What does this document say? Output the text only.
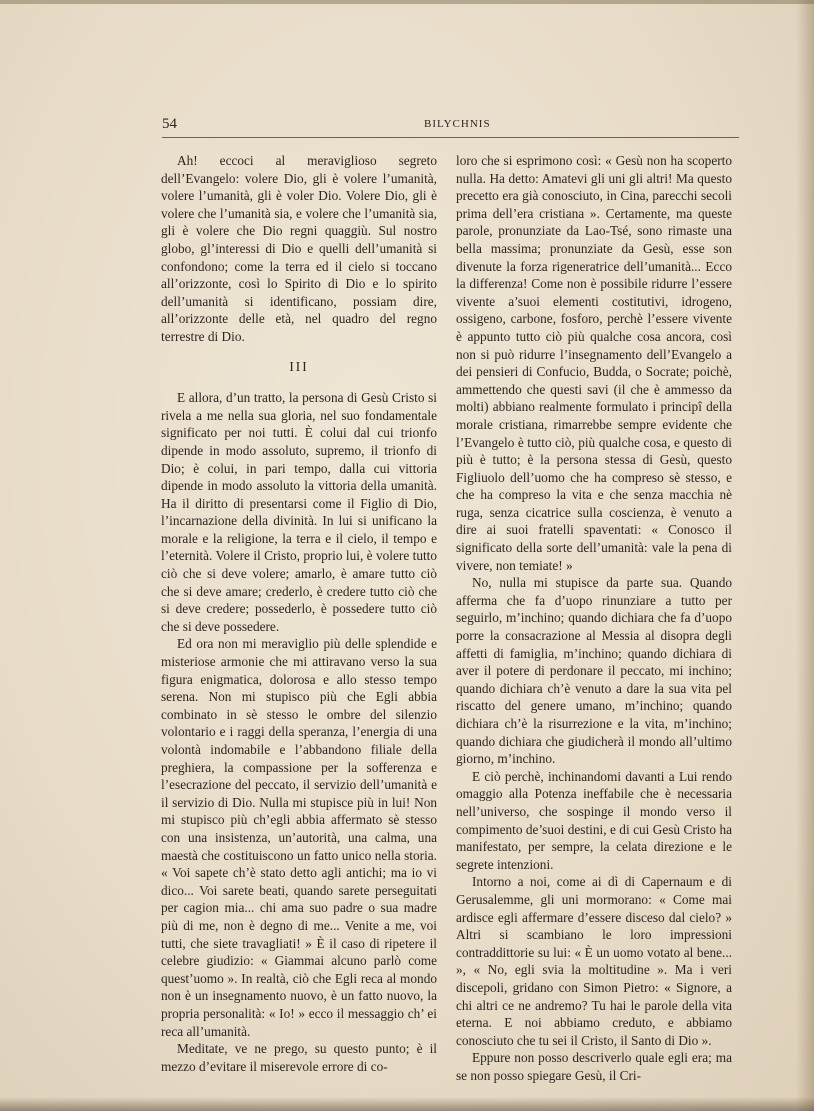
54	BILYCHNIS

Ah! eccoci al meraviglioso segreto dell’Evangelo: volere Dio, gli è volere l’umanità, volere l’umanità, gli è voler Dio. Volere Dio, gli è volere che l’umanità sia, e volere che l’umanità sia, gli è volere che Dio regni quaggiù. Sul nostro globo, gl’interessi di Dio e quelli dell’umanità si confondono; come la terra ed il cielo si toccano all’orizzonte, così lo Spirito di Dio e lo spirito dell’umanità si identificano, possiam dire, all’orizzonte delle età, nel quadro del regno terrestre di Dio.

III

E allora, d’un tratto, la persona di Gesù Cristo si rivela a me nella sua gloria, nel suo fondamentale significato per noi tutti. È colui dal cui trionfo dipende in modo assoluto, supremo, il trionfo di Dio; è colui, in pari tempo, dalla cui vittoria dipende in modo assoluto la vittoria della umanità. Ha il diritto di presentarsi come il Figlio di Dio, l’incarnazione della divinità. In lui si unificano la morale e la religione, la terra e il cielo, il tempo e l’eternità. Volere il Cristo, proprio lui, è volere tutto ciò che si deve volere; amarlo, è amare tutto ciò che si deve amare; crederlo, è credere tutto ciò che si deve credere; possederlo, è possedere tutto ciò che si deve possedere.

Ed ora non mi meraviglio più delle splendide e misteriose armonie che mi attiravano verso la sua figura enigmatica, dolorosa e allo stesso tempo serena. Non mi stupisco più che Egli abbia combinato in sè stesso le ombre del silenzio volontario e i raggi della speranza, l’energia di una volontà indomabile e l’abbandono filiale della preghiera, la compassione per la sofferenza e l’esecrazione del peccato, il servizio dell’umanità e il servizio di Dio. Nulla mi stupisce più in lui! Non mi stupisco più ch’egli abbia affermato sè stesso con una insistenza, un’autorità, una calma, una maestà che costituiscono un fatto unico nella storia. « Voi sapete ch’è stato detto agli antichi; ma io vi dico... Voi sarete beati, quando sarete perseguitati per cagion mia... chi ama suo padre o sua madre più di me, non è degno di me... Venite a me, voi tutti, che siete travagliati! » È il caso di ripetere il celebre giudizio: « Giammai alcuno parlò come quest’uomo ». In realtà, ciò che Egli reca al mondo non è un insegnamento nuovo, è un fatto nuovo, la propria personalità: « Io! » ecco il messaggio ch’ ei reca all’umanità.

Meditate, ve ne prego, su questo punto; è il mezzo d’evitare il miserevole errore di co-

loro che si esprimono così: « Gesù non ha scoperto nulla. Ha detto: Amatevi gli uni gli altri! Ma questo precetto era già conosciuto, in Cina, parecchi secoli prima dell’era cristiana ». Certamente, ma queste parole, pronunziate da Lao-Tsé, sono rimaste una bella massima; pronunziate da Gesù, esse son divenute la forza rigeneratrice dell’umanità... Ecco la differenza! Come non è possibile ridurre l’essere vivente a’suoi elementi costitutivi, idrogeno, ossigeno, carbone, fosforo, perchè l’essere vivente è appunto tutto ciò più qualche cosa ancora, così non si può ridurre l’insegnamento dell’Evangelo a dei pensieri di Confucio, Budda, o Socrate; poichè, ammettendo che questi savi (il che è ammesso da molti) abbiano realmente formulato i principî della morale cristiana, rimarrebbe sempre evidente che l’Evangelo è tutto ciò, più qualche cosa, e questo di più è tutto; è la persona stessa di Gesù, questo Figliuolo dell’uomo che ha compreso sè stesso, e che ha compreso la vita e che senza macchia nè ruga, senza cicatrice sulla coscienza, è venuto a dire ai suoi fratelli spaventati: « Conosco il significato della sorte dell’umanità: vale la pena di vivere, non temiate! »

No, nulla mi stupisce da parte sua. Quando afferma che fa d’uopo rinunziare a tutto per seguirlo, m’inchino; quando dichiara che fa d’uopo porre la consacrazione al Messia al disopra degli affetti di famiglia, m’inchino; quando dichiara di aver il potere di perdonare il peccato, mi inchino; quando dichiara ch’è venuto a dare la sua vita pel riscatto del genere umano, m’inchino; quando dichiara ch’è la risurrezione e la vita, m’inchino; quando dichiara che giudicherà il mondo all’ultimo giorno, m’inchino.

E ciò perchè, inchinandomi davanti a Lui rendo omaggio alla Potenza ineffabile che è necessaria nell’universo, che sospinge il mondo verso il compimento de’suoi destini, e di cui Gesù Cristo ha manifestato, per sempre, la celata direzione e le segrete intenzioni.

Intorno a noi, come ai dì di Capernaum e di Gerusalemme, gli uni mormorano: « Come mai ardisce egli affermare d’essere disceso dal cielo? » Altri si scambiano le loro impressioni contraddittorie su lui: « È un uomo votato al bene... », « No, egli svia la moltitudine ». Ma i veri discepoli, gridano con Simon Pietro: « Signore, a chi altri ce ne andremo? Tu hai le parole della vita eterna. E noi abbiamo creduto, e abbiamo conosciuto che tu sei il Cristo, il Santo di Dio ».

Eppure non posso descriverlo quale egli era; ma se non posso spiegare Gesù, il Cri-
